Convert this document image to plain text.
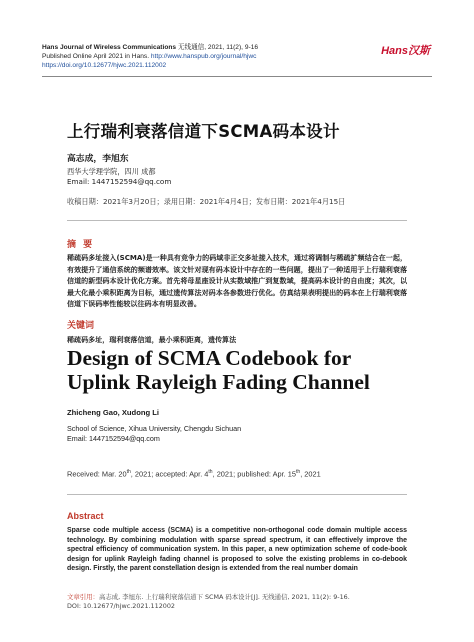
Hans Journal of Wireless Communications 无线通信, 2021, 11(2), 9-16
Published Online April 2021 in Hans. http://www.hanspub.org/journal/hjwc
https://doi.org/10.12677/hjwc.2021.112002
Hans汉斯
上行瑞利衰落信道下SCMA码本设计
高志成，李旭东
西华大学理学院，四川 成都
Email: 1447152594@qq.com
收稿日期：2021年3月20日；录用日期：2021年4月4日；发布日期：2021年4月15日
摘 要
稀疏码多址接入(SCMA)是一种具有竞争力的码域非正交多址接入技术，通过将调制与稀疏扩频结合在一起，有效提升了通信系统的频谱效率。该文针对现有码本设计中存在的一些问题，提出了一种适用于上行瑞利衰落信道的新型码本设计优化方案。首先将母星座设计从实数域推广到复数域，提高码本设计的自由度；其次，以最大化最小乘积距离为目标，通过遗传算法对码本各参数进行优化。仿真结果表明提出的码本在上行瑞利衰落信道下误码率性能较以往码本有明显改善。
关键词
稀疏码多址，瑞利衰落信道，最小乘积距离，遗传算法
Design of SCMA Codebook for Uplink Rayleigh Fading Channel
Zhicheng Gao, Xudong Li
School of Science, Xihua University, Chengdu Sichuan
Email: 1447152594@qq.com
Received: Mar. 20th, 2021; accepted: Apr. 4th, 2021; published: Apr. 15th, 2021
Abstract
Sparse code multiple access (SCMA) is a competitive non-orthogonal code domain multiple access technology. By combining modulation with sparse spread spectrum, it can effectively improve the spectral efficiency of communication system. In this paper, a new optimization scheme of code-book design for uplink Rayleigh fading channel is proposed to solve the existing problems in co-debook design. Firstly, the parent constellation design is extended from the real number domain
文章引用：高志成, 李旭东. 上行瑞利衰落信道下 SCMA 码本设计[J]. 无线通信, 2021, 11(2): 9-16.
DOI: 10.12677/hjwc.2021.112002
